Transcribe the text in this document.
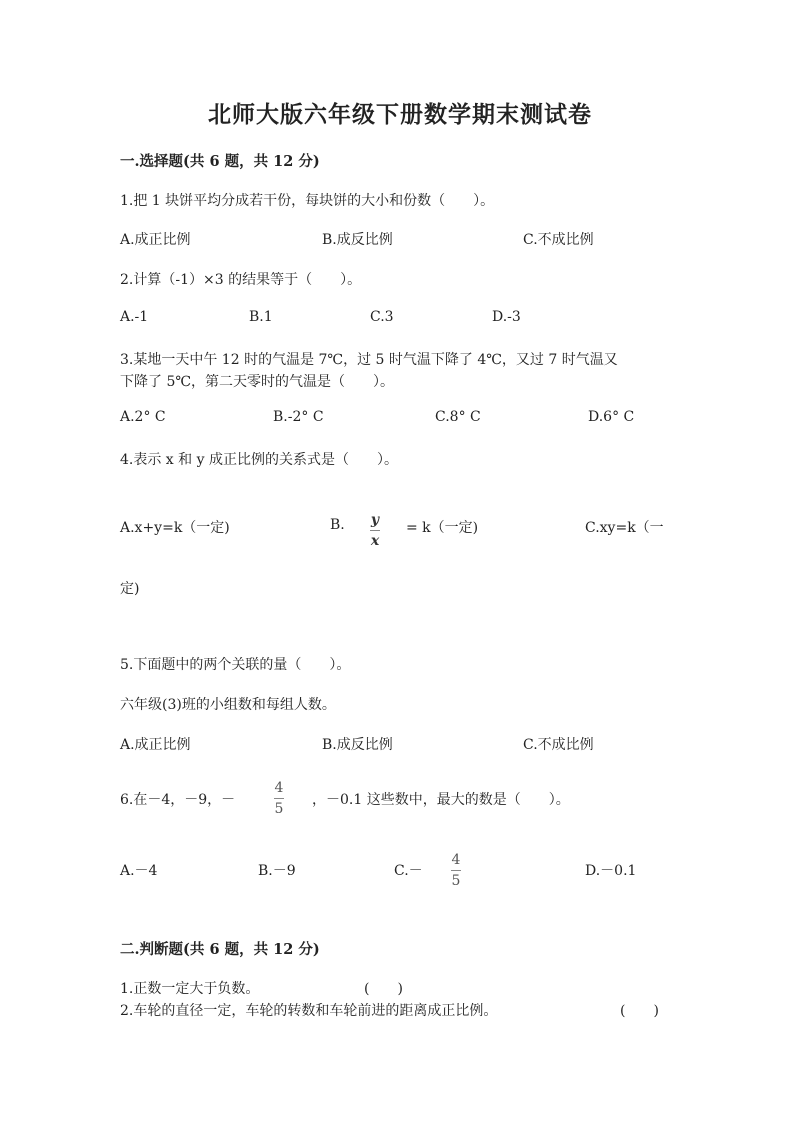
北师大版六年级下册数学期末测试卷
一.选择题(共 6 题，共 12 分)
1.把 1 块饼平均分成若干份，每块饼的大小和份数（　　）。
A.成正比例	B.成反比例	C.不成比例
2.计算（-1）×3 的结果等于（　　）。
A.-1	B.1	C.3	D.-3
3.某地一天中午 12 时的气温是 7℃，过 5 时气温下降了 4℃，又过 7 时气温又
下降了 5℃，第二天零时的气温是（　　）。
A.2° C	B.-2° C	C.8° C	D.6° C
4.表示 x 和 y 成正比例的关系式是（　　）。
A.x+y=k（一定)	B. y
x
= k（一定)	C.xy=k（一
定)
5.下面题中的两个关联的量（　　）。
六年级(3)班的小组数和每组人数。
A.成正比例	B.成反比例	C.不成比例
6.在－4，－9，－
4
5
，－0.1 这些数中，最大的数是（　　）。
A.－4	B.－9	C.－
4
5
D.－0.1
二.判断题(共 6 题，共 12 分)
1.正数一定大于负数。	(　　)
2.车轮的直径一定，车轮的转数和车轮前进的距离成正比例。	(　　)
